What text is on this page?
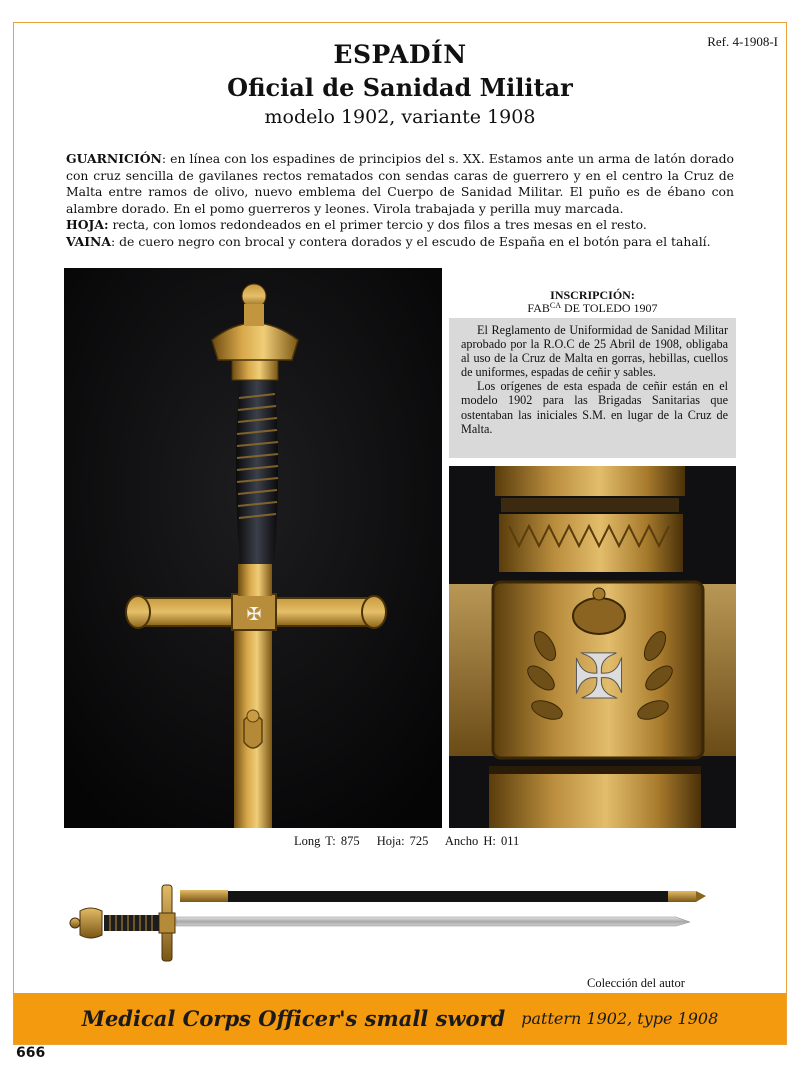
Ref. 4-1908-I
ESPADÍN
Oficial de Sanidad Militar
modelo 1902, variante 1908

GUARNICIÓN: en línea con los espadines de principios del s. XX. Estamos ante un arma de latón dorado con cruz sencilla de gavilanes rectos rematados con sendas caras de guerrero y en el centro la Cruz de Malta entre ramos de olivo, nuevo emblema del Cuerpo de Sanidad Militar. El puño es de ébano con alambre dorado. En el pomo guerreros y leones. Virola trabajada y perilla muy marcada.

HOJA: recta, con lomos redondeados en el primer tercio y dos filos a tres mesas en el resto.

VAINA: de cuero negro con brocal y contera dorados y el escudo de España en el botón para el tahalí.

✠
INSCRIPCIÓN:
$FAB^{CA}$ DE TOLEDO 1907

El Reglamento de Uniformidad de Sanidad Militar aprobado por la R.O.C de 25 Abril de 1908, obligaba al uso de la Cruz de Malta en gorras, hebillas, cuellos de uniformes, espadas de ceñir y sables.

Los orígenes de esta espada de ceñir están en el modelo 1902 para las Brigadas Sanitarias que ostentaban las iniciales S.M. en lugar de la Cruz de Malta.

✠
Long T: 875 Hoja: 725 Ancho H: 011
Colección del autor
Medical Corps Officer's small sword pattern 1902, type 1908
666
